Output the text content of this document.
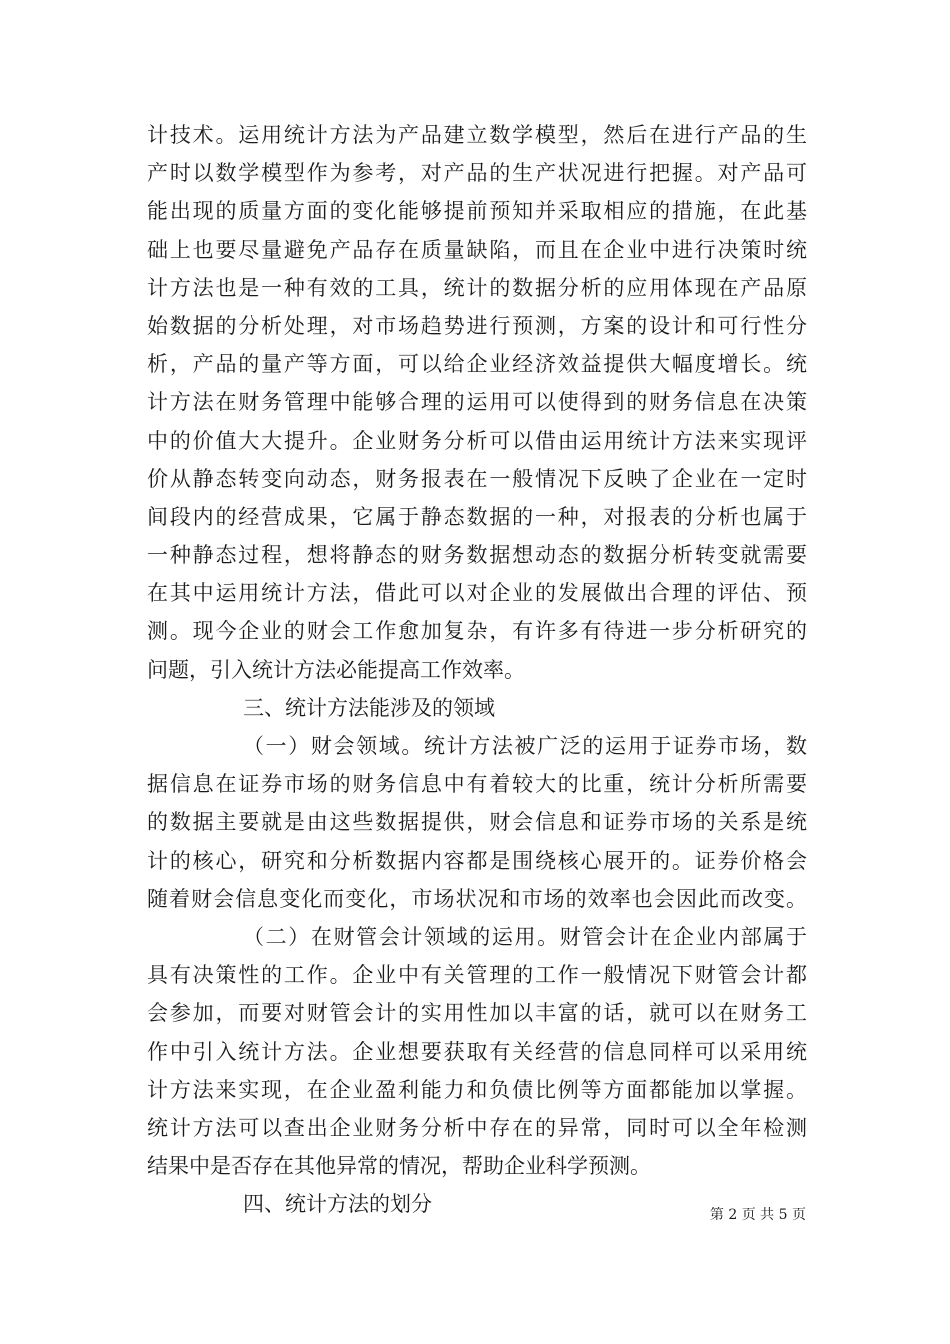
计技术。运用统计方法为产品建立数学模型，然后在进行产品的生
产时以数学模型作为参考，对产品的生产状况进行把握。对产品可
能出现的质量方面的变化能够提前预知并采取相应的措施，在此基
础上也要尽量避免产品存在质量缺陷，而且在企业中进行决策时统
计方法也是一种有效的工具，统计的数据分析的应用体现在产品原
始数据的分析处理，对市场趋势进行预测，方案的设计和可行性分
析，产品的量产等方面，可以给企业经济效益提供大幅度增长。统
计方法在财务管理中能够合理的运用可以使得到的财务信息在决策
中的价值大大提升。企业财务分析可以借由运用统计方法来实现评
价从静态转变向动态，财务报表在一般情况下反映了企业在一定时
间段内的经营成果，它属于静态数据的一种，对报表的分析也属于
一种静态过程，想将静态的财务数据想动态的数据分析转变就需要
在其中运用统计方法，借此可以对企业的发展做出合理的评估、预
测。现今企业的财会工作愈加复杂，有许多有待进一步分析研究的
问题，引入统计方法必能提高工作效率。
三、统计方法能涉及的领域
（一）财会领域。统计方法被广泛的运用于证券市场，数
据信息在证券市场的财务信息中有着较大的比重，统计分析所需要
的数据主要就是由这些数据提供，财会信息和证券市场的关系是统
计的核心，研究和分析数据内容都是围绕核心展开的。证券价格会
随着财会信息变化而变化，市场状况和市场的效率也会因此而改变。
（二）在财管会计领域的运用。财管会计在企业内部属于
具有决策性的工作。企业中有关管理的工作一般情况下财管会计都
会参加，而要对财管会计的实用性加以丰富的话，就可以在财务工
作中引入统计方法。企业想要获取有关经营的信息同样可以采用统
计方法来实现，在企业盈利能力和负债比例等方面都能加以掌握。
统计方法可以查出企业财务分析中存在的异常，同时可以全年检测
结果中是否存在其他异常的情况，帮助企业科学预测。
四、统计方法的划分	第 2 页 共 5 页
